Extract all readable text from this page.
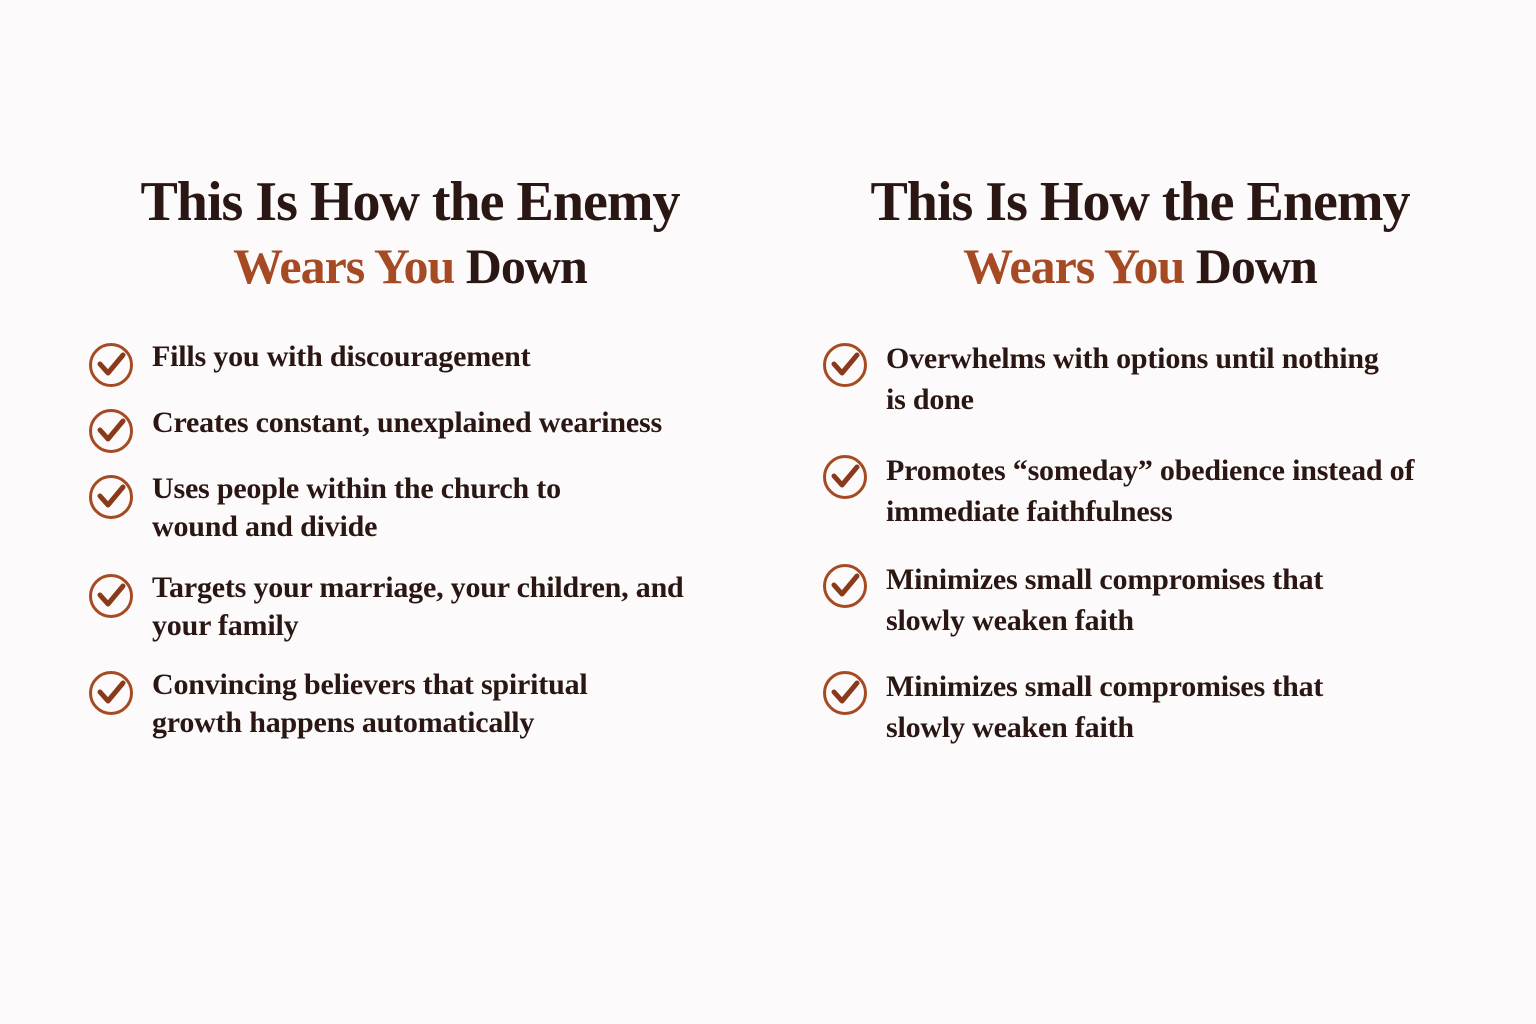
This Is How the Enemy
Wears You Down
Fills you with discouragement
Creates constant, unexplained weariness
Uses people within the church to wound and divide
Targets your marriage, your children, and your family
Convincing believers that spiritual growth happens automatically
This Is How the Enemy
Wears You Down
Overwhelms with options until nothing is done
Promotes “someday” obedience instead of immediate faithfulness
Minimizes small compromises that slowly weaken faith
Minimizes small compromises that slowly weaken faith
